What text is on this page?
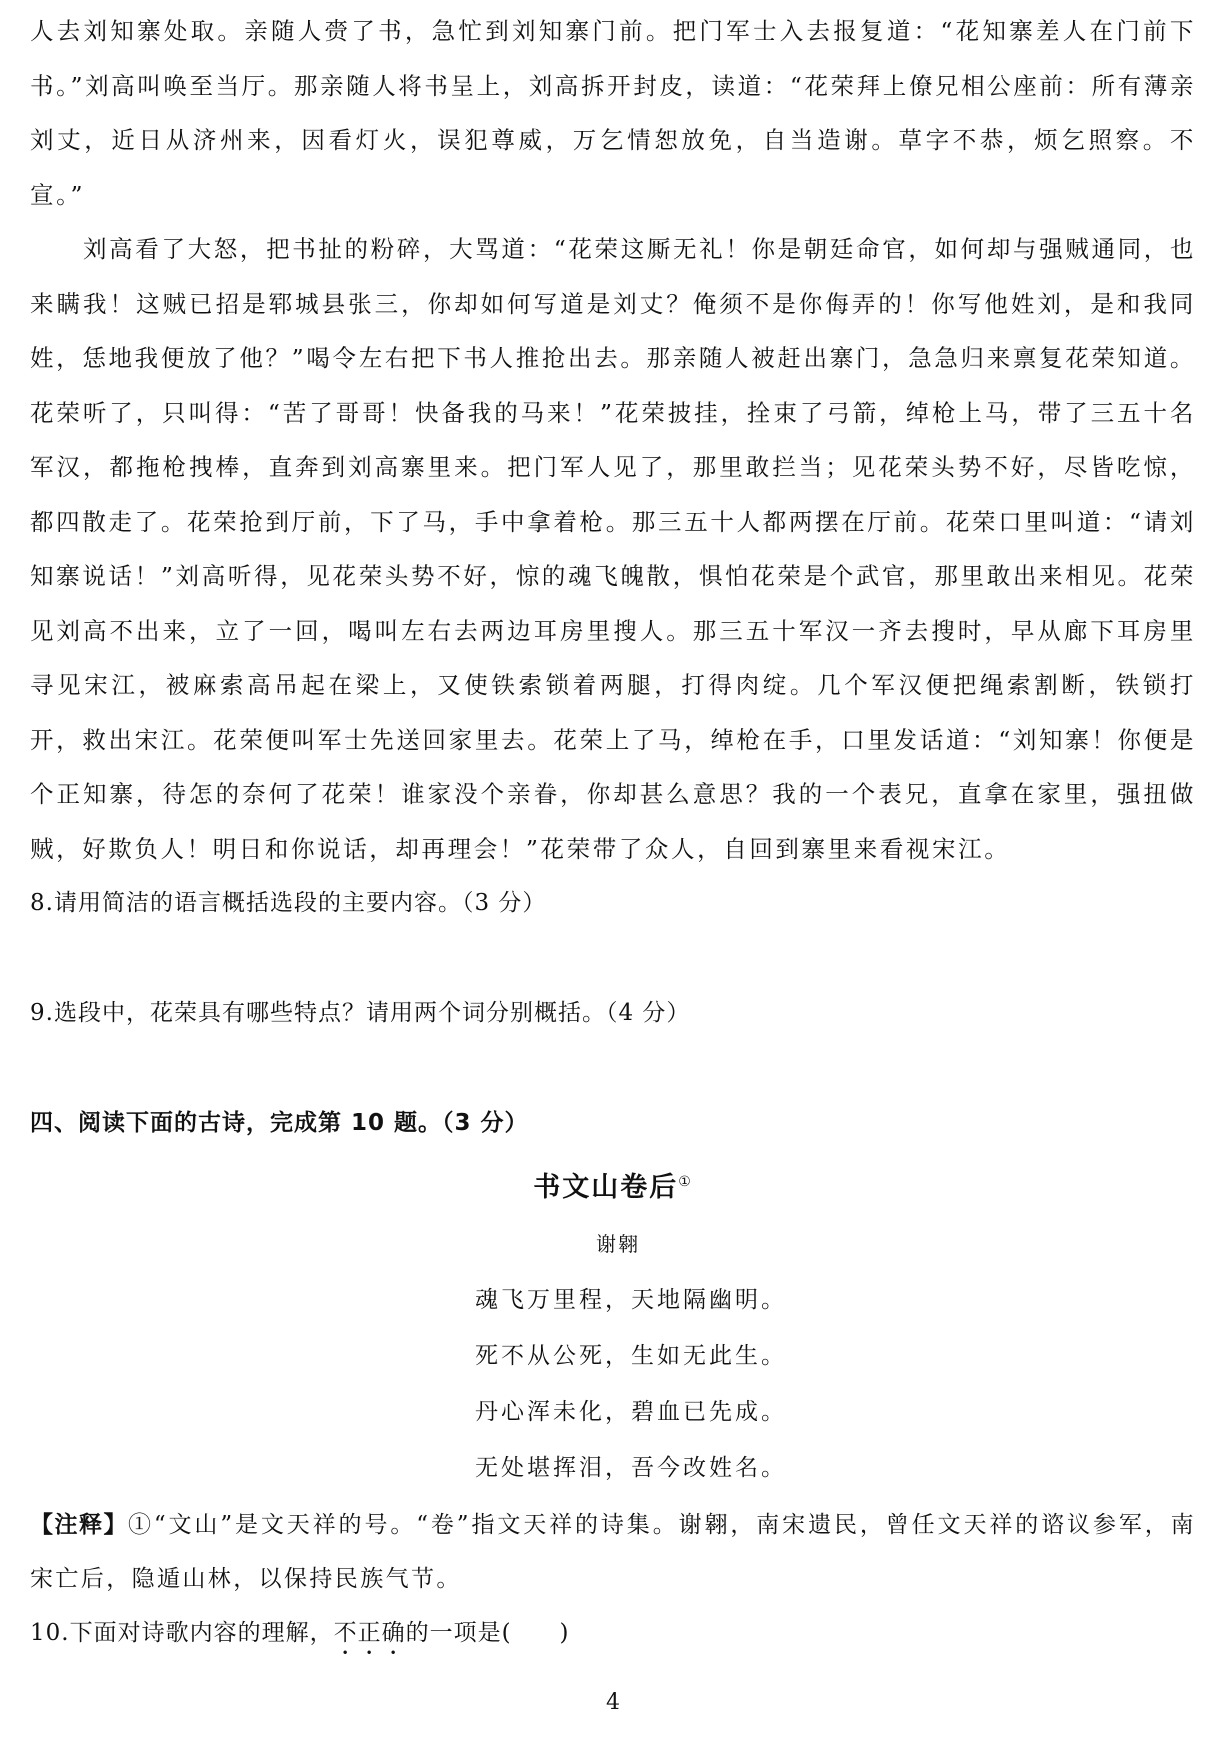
人去刘知寨处取。亲随人赍了书，急忙到刘知寨门前。把门军士入去报复道：“花知寨差人在门前下书。”刘高叫唤至当厅。那亲随人将书呈上，刘高拆开封皮，读道：“花荣拜上僚兄相公座前：所有薄亲刘丈，近日从济州来，因看灯火，误犯尊威，万乞情恕放免，自当造谢。草字不恭，烦乞照察。不宣。”

刘高看了大怒，把书扯的粉碎，大骂道：“花荣这厮无礼！你是朝廷命官，如何却与强贼通同，也来瞒我！这贼已招是郓城县张三，你却如何写道是刘丈？俺须不是你侮弄的！你写他姓刘，是和我同姓，恁地我便放了他？”喝令左右把下书人推抢出去。那亲随人被赶出寨门，急急归来禀复花荣知道。花荣听了，只叫得：“苦了哥哥！快备我的马来！”花荣披挂，拴束了弓箭，绰枪上马，带了三五十名军汉，都拖枪拽棒，直奔到刘高寨里来。把门军人见了，那里敢拦当；见花荣头势不好，尽皆吃惊，都四散走了。花荣抢到厅前，下了马，手中拿着枪。那三五十人都两摆在厅前。花荣口里叫道：“请刘知寨说话！”刘高听得，见花荣头势不好，惊的魂飞魄散，惧怕花荣是个武官，那里敢出来相见。花荣见刘高不出来，立了一回，喝叫左右去两边耳房里搜人。那三五十军汉一齐去搜时，早从廊下耳房里寻见宋江，被麻索高吊起在梁上，又使铁索锁着两腿，打得肉绽。几个军汉便把绳索割断，铁锁打开，救出宋江。花荣便叫军士先送回家里去。花荣上了马，绰枪在手，口里发话道：“刘知寨！你便是个正知寨，待怎的奈何了花荣！谁家没个亲眷，你却甚么意思？我的一个表兄，直拿在家里，强扭做贼，好欺负人！明日和你说话，却再理会！”花荣带了众人，自回到寨里来看视宋江。

8.请用简洁的语言概括选段的主要内容。（3 分）

9.选段中，花荣具有哪些特点？请用两个词分别概括。（4 分）

四、阅读下面的古诗，完成第 10 题。（3 分）

书文山卷后①

谢翱

魂飞万里程，天地隔幽明。

死不从公死，生如无此生。

丹心浑未化，碧血已先成。

无处堪挥泪，吾今改姓名。

【注释】①“文山”是文天祥的号。“卷”指文天祥的诗集。谢翱，南宋遗民，曾任文天祥的谘议参军，南宋亡后，隐遁山林，以保持民族气节。

10.下面对诗歌内容的理解，不正确的一项是(　　)

4
